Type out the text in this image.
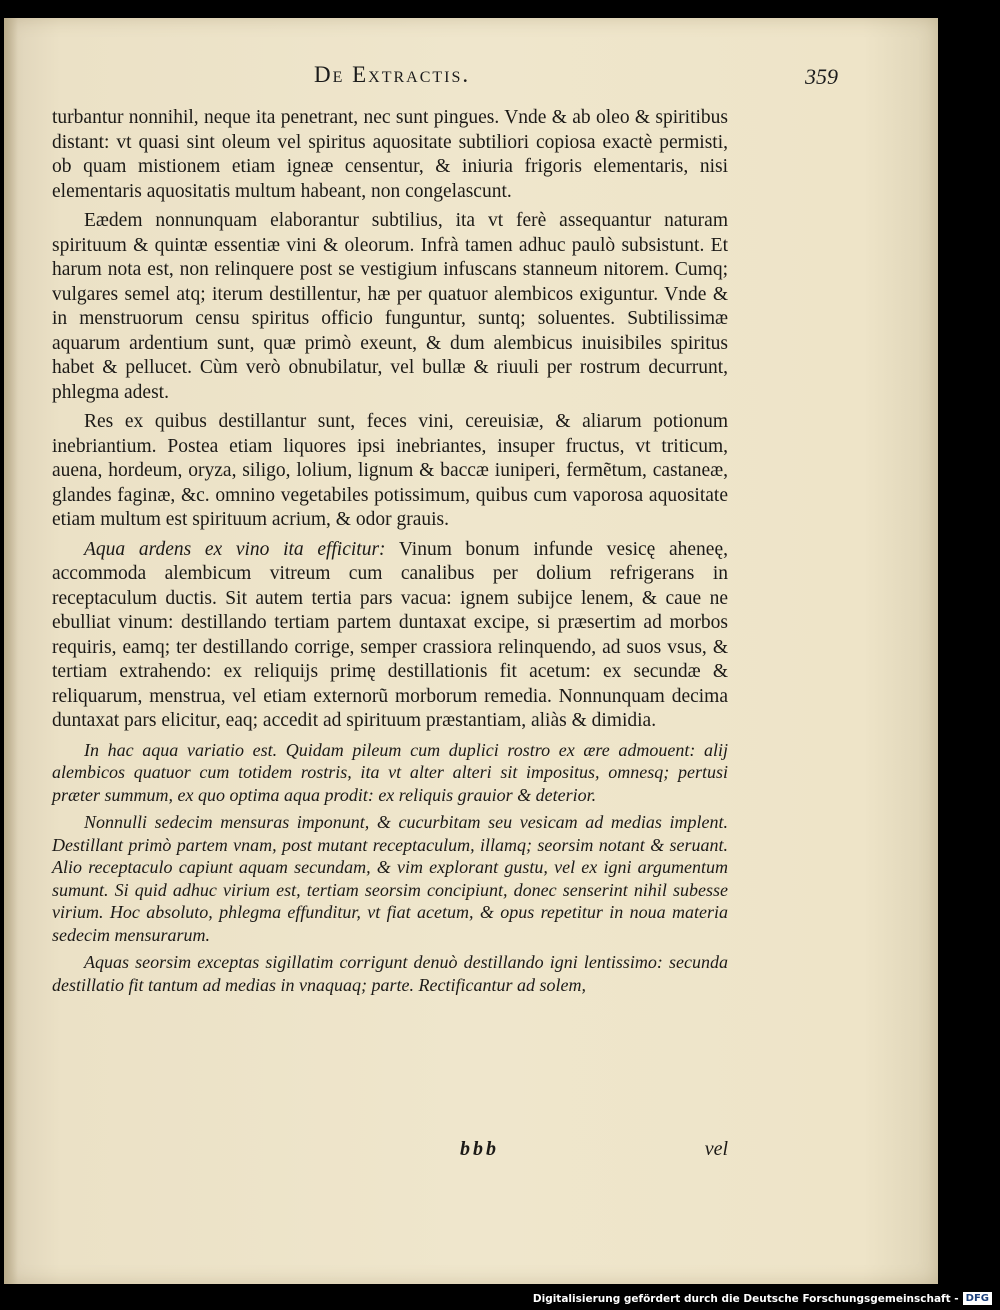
De Extractis.	359

turbantur nonnihil, neque ita penetrant, nec sunt pingues. Vnde & ab oleo & spiritibus distant: vt quasi sint oleum vel spiritus aquositate subtiliori copiosa exactè permisti, ob quam mistionem etiam igneæ censentur, & iniuria frigoris elementaris, nisi elementaris aquositatis multum habeant, non congelascunt.

Eædem nonnunquam elaborantur subtilius, ita vt ferè assequantur naturam spirituum & quintæ essentiæ vini & oleorum. Infrà tamen adhuc paulò subsistunt. Et harum nota est, non relinquere post se vestigium infuscans stanneum nitorem. Cumq; vulgares semel atq; iterum destillentur, hæ per quatuor alembicos exiguntur. Vnde & in menstruorum censu spiritus officio funguntur, suntq; soluentes. Subtilissimæ aquarum ardentium sunt, quæ primò exeunt, & dum alembicus inuisibiles spiritus habet & pellucet. Cùm verò obnubilatur, vel bullæ & riuuli per rostrum decurrunt, phlegma adest.

Res ex quibus destillantur sunt, feces vini, cereuisiæ, & aliarum potionum inebriantium. Postea etiam liquores ipsi inebriantes, insuper fructus, vt triticum, auena, hordeum, oryza, siligo, lolium, lignum & baccæ iuniperi, fermẽtum, castaneæ, glandes faginæ, &c. omnino vegetabiles potissimum, quibus cum vaporosa aquositate etiam multum est spirituum acrium, & odor grauis.

Aqua ardens ex vino ita efficitur: Vinum bonum infunde vesicę aheneę, accommoda alembicum vitreum cum canalibus per dolium refrigerans in receptaculum ductis. Sit autem tertia pars vacua: ignem subijce lenem, & caue ne ebulliat vinum: destillando tertiam partem duntaxat excipe, si præsertim ad morbos requiris, eamq; ter destillando corrige, semper crassiora relinquendo, ad suos vsus, & tertiam extrahendo: ex reliquijs primę destillationis fit acetum: ex secundæ & reliquarum, menstrua, vel etiam externorũ morborum remedia. Nonnunquam decima duntaxat pars elicitur, eaq; accedit ad spirituum præstantiam, aliàs & dimidia.

In hac aqua variatio est. Quidam pileum cum duplici rostro ex ære admouent: alij alembicos quatuor cum totidem rostris, ita vt alter alteri sit impositus, omnesq; pertusi præter summum, ex quo optima aqua prodit: ex reliquis grauior & deterior.

Nonnulli sedecim mensuras imponunt, & cucurbitam seu vesicam ad medias implent. Destillant primò partem vnam, post mutant receptaculum, illamq; seorsim notant & seruant. Alio receptaculo capiunt aquam secundam, & vim explorant gustu, vel ex igni argumentum sumunt. Si quid adhuc virium est, tertiam seorsim concipiunt, donec senserint nihil subesse virium. Hoc absoluto, phlegma effunditur, vt fiat acetum, & opus repetitur in noua materia sedecim mensurarum.

Aquas seorsim exceptas sigillatim corrigunt denuò destillando igni lentissimo: secunda destillatio fit tantum ad medias in vnaquaq; parte. Rectificantur ad solem,

bbb	vel
Digitalisierung gefördert durch die Deutsche Forschungsgemeinschaft - DFG
